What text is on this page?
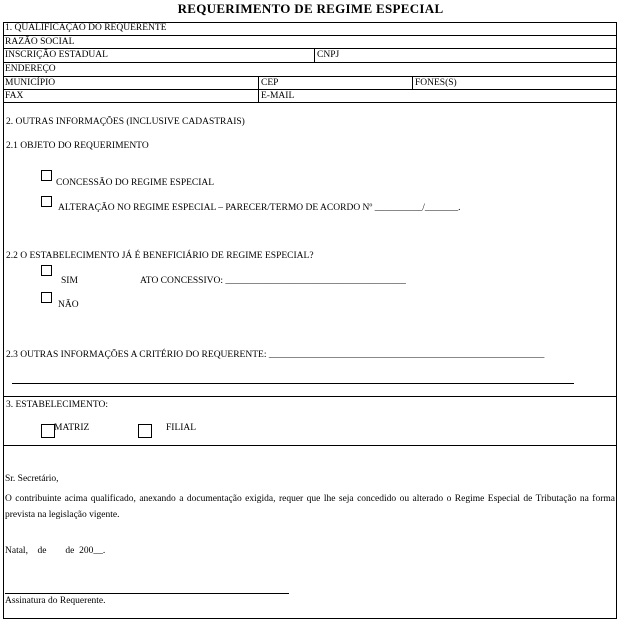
REQUERIMENTO DE REGIME ESPECIAL
1. QUALIFICAÇÃO DO REQUERENTE
RAZÃO SOCIAL
INSCRIÇÃO ESTADUAL	CNPJ
ENDEREÇO
MUNICÍPIO	CEP	FONES(S)
FAX	E-MAIL
2. OUTRAS INFORMAÇÕES (INCLUSIVE CADASTRAIS)
2.1 OBJETO DO REQUERIMENTO
CONCESSÃO DO REGIME ESPECIAL
ALTERAÇÃO NO REGIME ESPECIAL – PARECER/TERMO DE ACORDO Nº __________/_______.
2.2 O ESTABELECIMENTO JÁ É BENEFICIÁRIO DE REGIME ESPECIAL?
SIM	ATO CONCESSIVO: ______________________________________
NÃO
2.3 OUTRAS INFORMAÇÕES A CRITÉRIO DO REQUERENTE: __________________________________________________________
3. ESTABELECIMENTO:
MATRIZ	FILIAL
Sr. Secretário,
O contribuinte acima qualificado, anexando a documentação exigida, requer que lhe seja concedido ou alterado o Regime Especial de Tributação na forma prevista na legislação vigente.
Natal,    de        de  200__.
Assinatura do Requerente.
